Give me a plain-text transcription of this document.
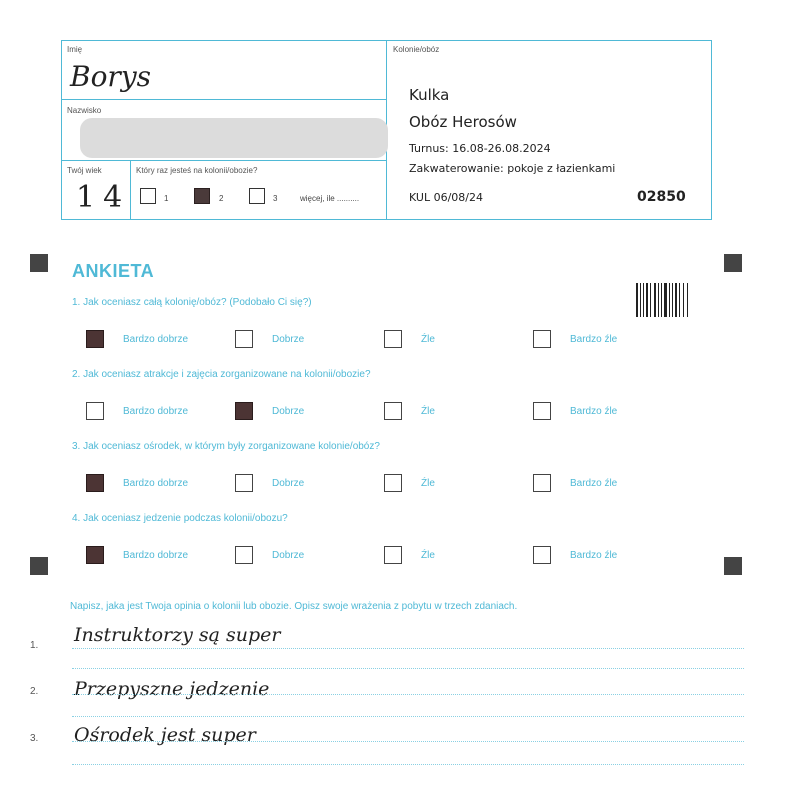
Imię
Borys
Nazwisko
Twój wiek
14
Który raz jesteś na kolonii/obozie?
1	2	3	więcej, ile ..........
Kolonie/obóz
Kulka
Obóz Herosów
Turnus: 16.08-26.08.2024
Zakwaterowanie: pokoje z łazienkami
KUL 06/08/24	02850
ANKIETA
1. Jak oceniasz całą kolonię/obóz? (Podobało Ci się?)
Bardzo dobrze	Dobrze	Źle	Bardzo źle
2. Jak oceniasz atrakcje i zajęcia zorganizowane na kolonii/obozie?
Bardzo dobrze	Dobrze	Źle	Bardzo źle
3. Jak oceniasz ośrodek, w którym były zorganizowane kolonie/obóz?
Bardzo dobrze	Dobrze	Źle	Bardzo źle
4. Jak oceniasz jedzenie podczas kolonii/obozu?
Bardzo dobrze	Dobrze	Źle	Bardzo źle
Napisz, jaka jest Twoja opinia o kolonii lub obozie. Opisz swoje wrażenia z pobytu w trzech zdaniach.
1. Instruktorzy są super
2. Przepyszne jedzenie
3. Ośrodek jest super
